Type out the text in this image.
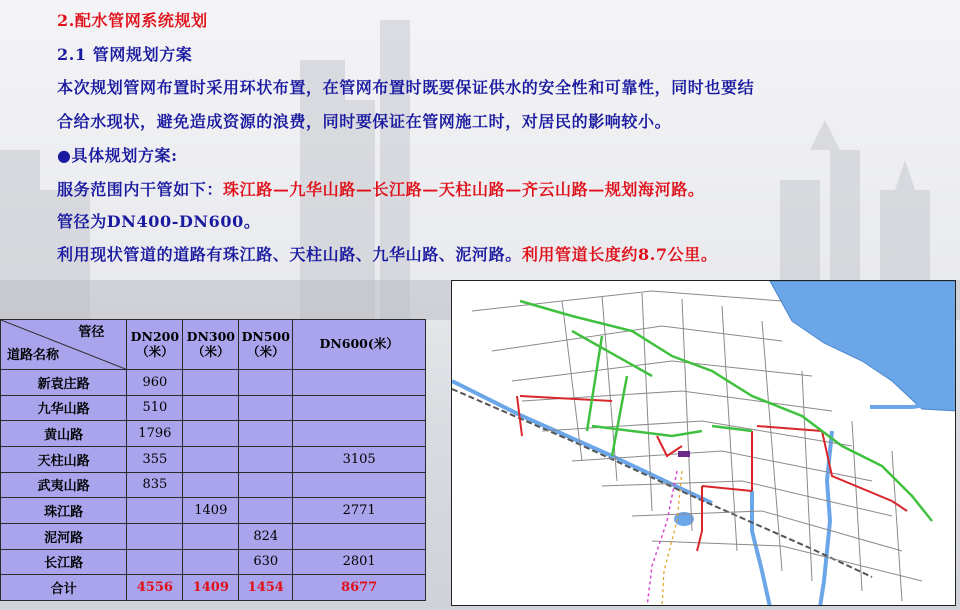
2.配水管网系统规划
2.1 管网规划方案
本次规划管网布置时采用环状布置，在管网布置时既要保证供水的安全性和可靠性，同时也要结
合给水现状，避免造成资源的浪费，同时要保证在管网施工时，对居民的影响较小。
●具体规划方案:
服务范围内干管如下：珠江路—九华山路—长江路—天柱山路—齐云山路—规划海河路。
管径为DN400-DN600。
利用现状管道的道路有珠江路、天柱山路、九华山路、泥河路。利用管道长度约8.7公里。
管径
道路名称	DN200（米）	DN300（米）	DN500（米）	DN600(米）
新袁庄路	960			
九华山路	510			
黄山路	1796			
天柱山路	355			3105
武夷山路	835			
珠江路		1409		2771
泥河路			824	
长江路			630	2801
合计	4556	1409	1454	8677
